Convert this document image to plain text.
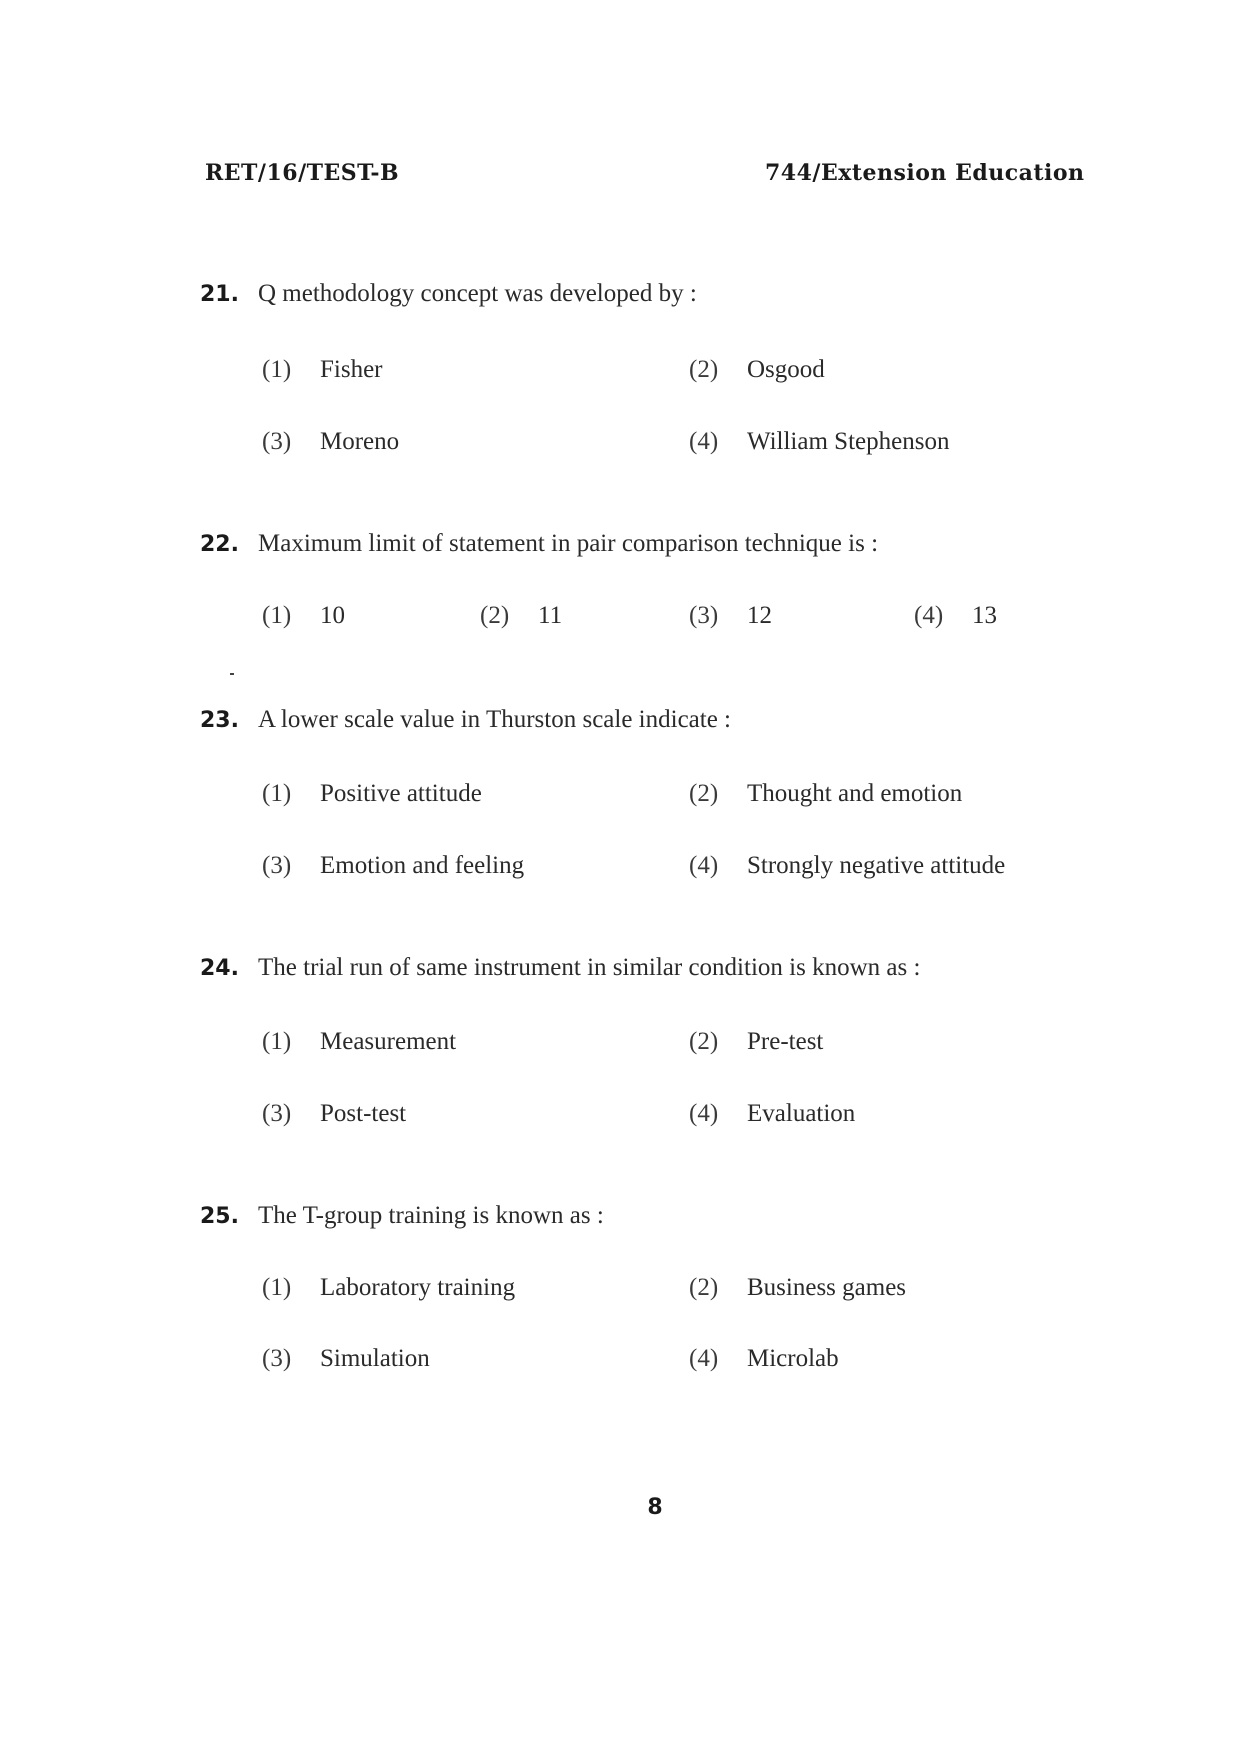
RET/16/TEST-B	744/Extension Education
21. Q methodology concept was developed by :
(1) Fisher	(2) Osgood
(3) Moreno	(4) William Stephenson
22. Maximum limit of statement in pair comparison technique is :
(1) 10	(2) 11	(3) 12	(4) 13
23. A lower scale value in Thurston scale indicate :
(1) Positive attitude	(2) Thought and emotion
(3) Emotion and feeling	(4) Strongly negative attitude
24. The trial run of same instrument in similar condition is known as :
(1) Measurement	(2) Pre-test
(3) Post-test	(4) Evaluation
25. The T-group training is known as :
(1) Laboratory training	(2) Business games
(3) Simulation	(4) Microlab
8
